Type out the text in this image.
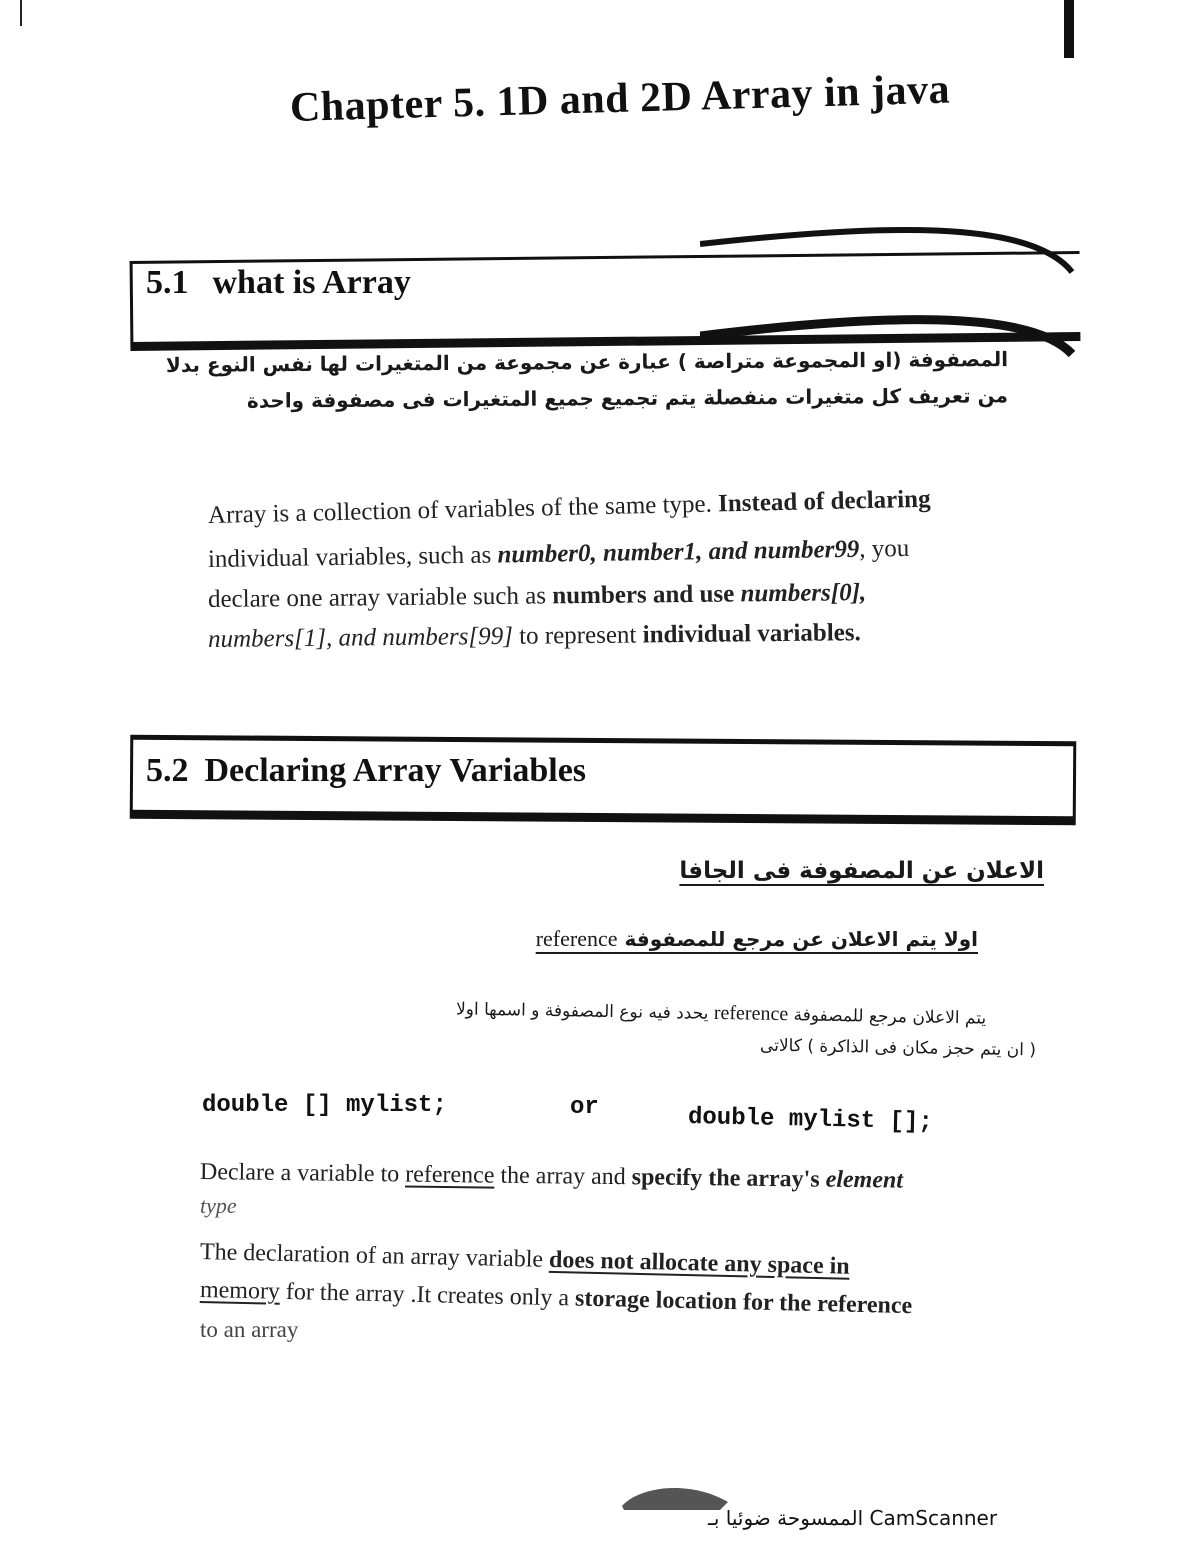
Chapter 5. 1D and 2D Array in java
5.1 what is Array
المصفوفة (او المجموعة متراصة ) عبارة عن مجموعة من المتغيرات لها نفس النوع بدلا
من تعريف كل متغيرات منفصلة يتم تجميع جميع المتغيرات فى مصفوفة واحدة
Array is a collection of variables of the same type. Instead of declaring
individual variables, such as number0, number1, and number99, you
declare one array variable such as numbers and use numbers[0],
numbers[1], and numbers[99] to represent individual variables.
5.2 Declaring Array Variables
الاعلان عن المصفوفة فى الجافا
اولا يتم الاعلان عن مرجع للمصفوفة reference
يتم الاعلان مرجع للمصفوفة reference يحدد فيه نوع المصفوفة و اسمها اولا
( ان يتم حجز مكان فى الذاكرة ) كالاتى
double [] mylist;	or	double mylist [];
Declare a variable to reference the array and specify the array's element
type
The declaration of an array variable does not allocate any space in
memory for the array .It creates only a storage location for the reference
to an array
الممسوحة ضوئيا بـ CamScanner
